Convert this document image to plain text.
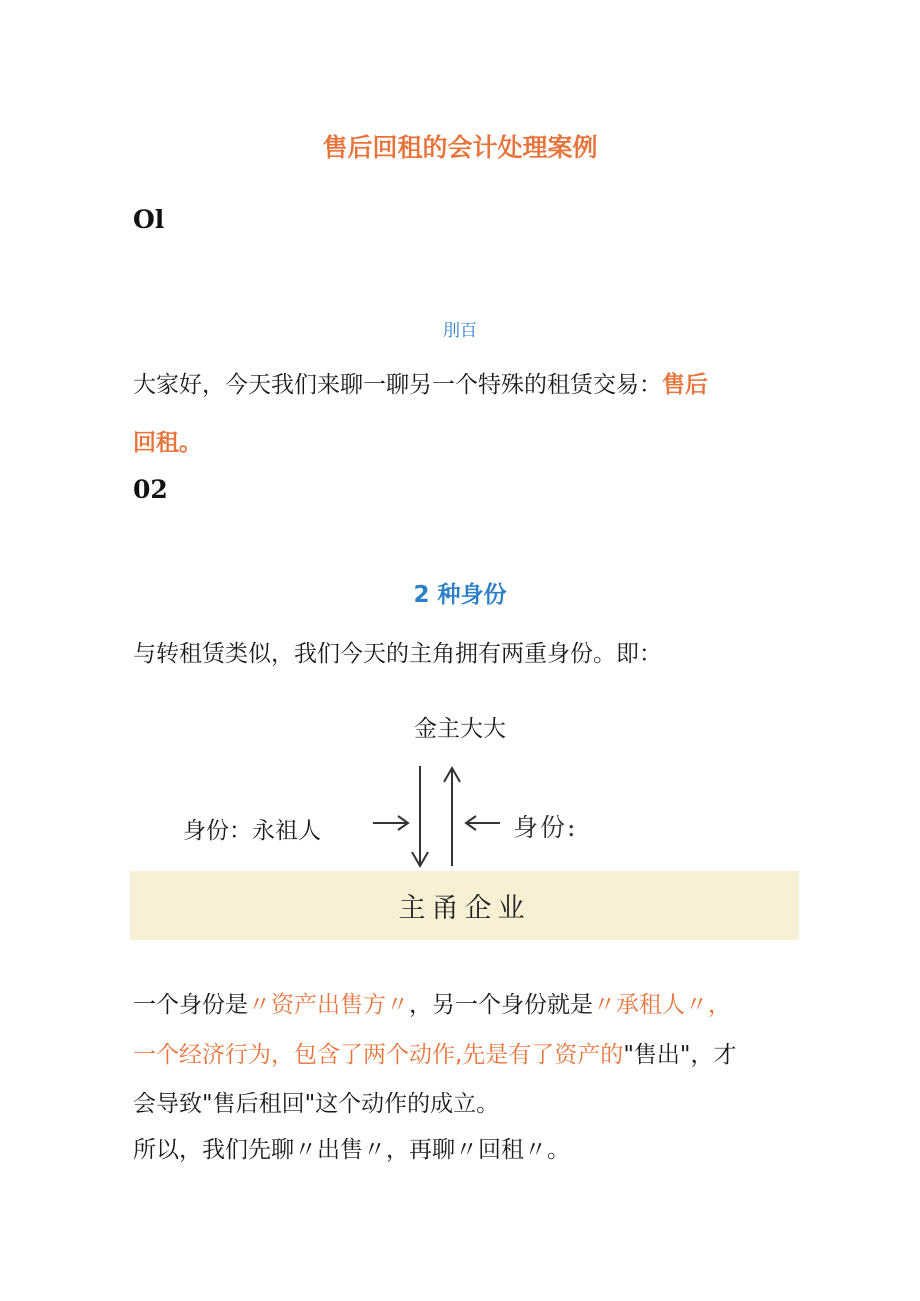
售后回租的会计处理案例
Ol
刖百
大家好，今天我们来聊一聊另一个特殊的租赁交易：售后
回租。
02
2 种身份
与转租赁类似，我们今天的主角拥有两重身份。即：
金主大大
身份：永祖人	身份:
主甬企业
一个身份是〃资产出售方〃，另一个身份就是〃承租人〃，
一个经济行为，包含了两个动作,先是有了资产的"售出"，才
会导致"售后租回"这个动作的成立。
所以，我们先聊〃出售〃，再聊〃回租〃。
